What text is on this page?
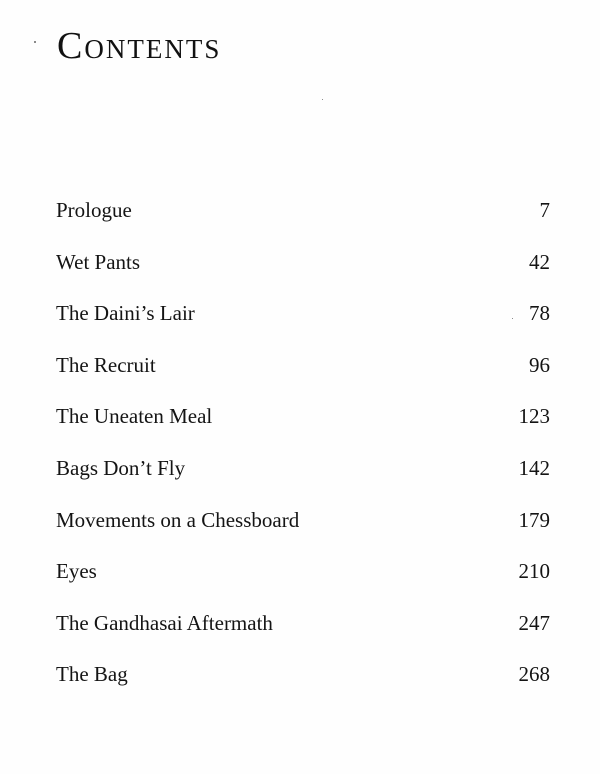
Contents
Prologue	7
Wet Pants	42
The Daini’s Lair	78
The Recruit	96
The Uneaten Meal	123
Bags Don’t Fly	142
Movements on a Chessboard	179
Eyes	210
The Gandhasai Aftermath	247
The Bag	268
